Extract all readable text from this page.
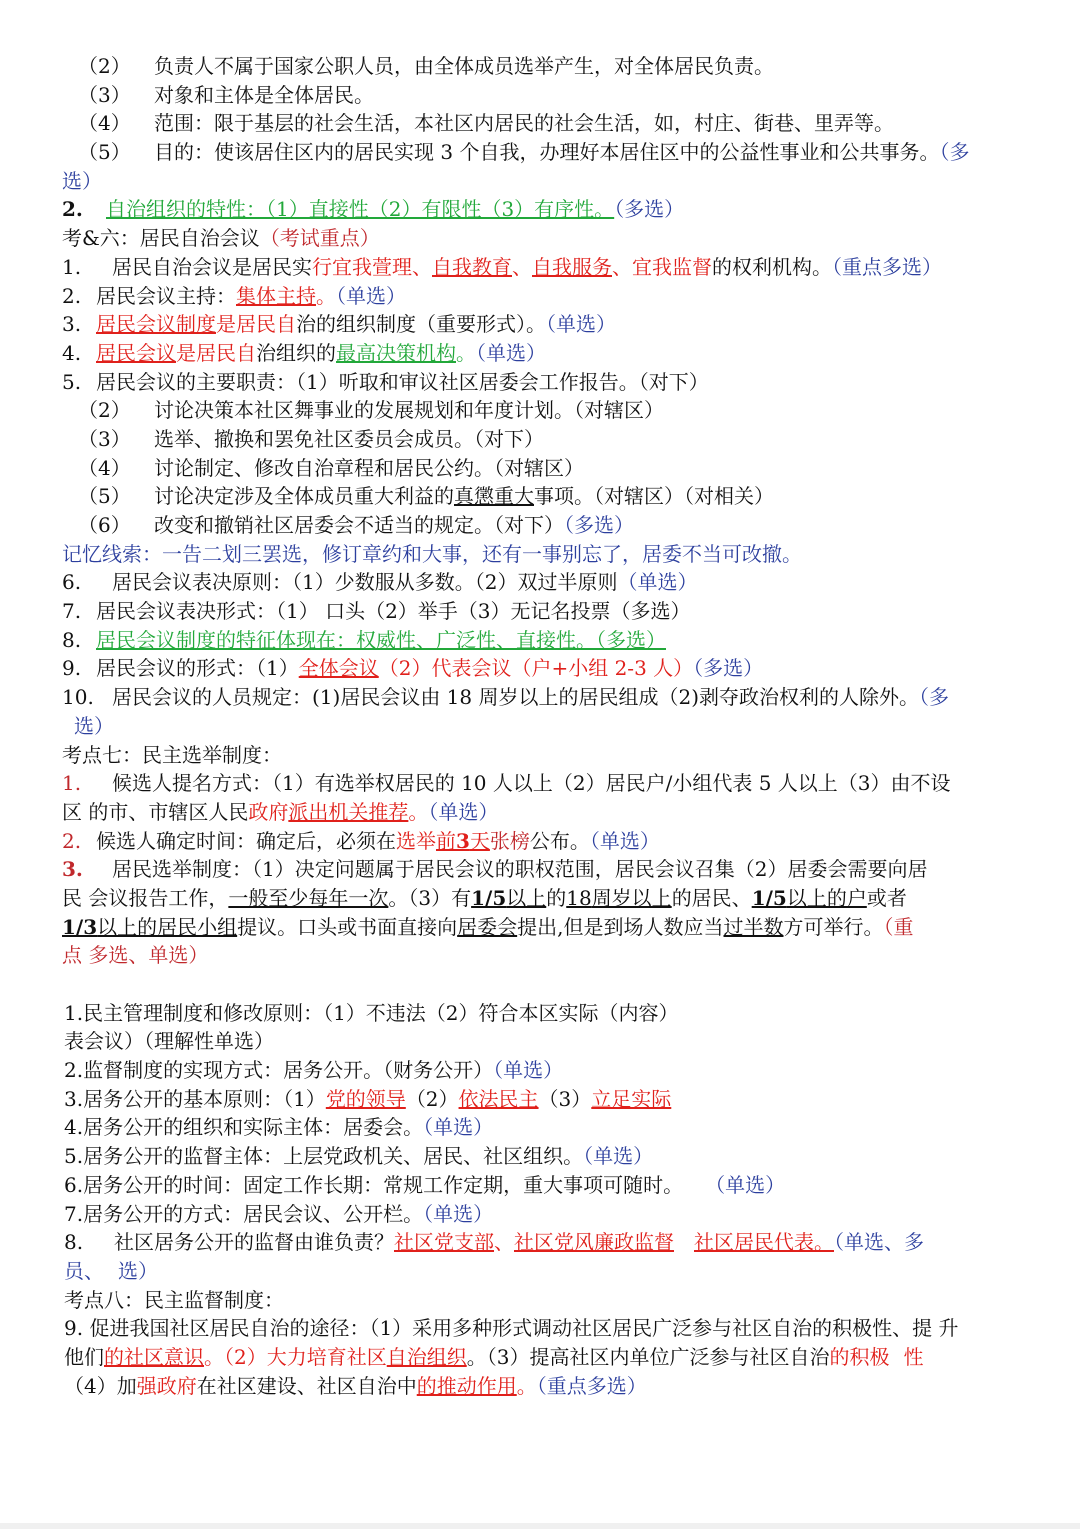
（2） 负责人不属于国家公职人员，由全体成员选举产生，对全体居民负责。
（3） 对象和主体是全体居民。
（4） 范围：限于基层的社会生活，本社区内居民的社会生活，如，村庄、街巷、里弄等。
（5） 目的：使该居住区内的居民实现 3 个自我，办理好本居住区中的公益性事业和公共事务。（多
选）
2. 自治组织的特性：（1）直接性（2）有限性（3）有序性。（多选）
考&六：居民自治会议（考试重点）
1. 居民自治会议是居民实行宜我萱理、自我教育、自我服务、宜我监督的权利机构。（重点多选）
2. 居民会议主持：集体主持。（单选）
3. 居民会议制度是居民自治的组织制度（重要形式）。（单选）
4. 居民会议是居民自治组织的最高决策机构。（单选）
5. 居民会议的主要职责：（1）听取和审议社区居委会工作报告。（对下）
（2） 讨论决策本社区舞事业的发展规划和年度计划。（对辖区）
（3） 选举、撤换和罢免社区委员会成员。（对下）
（4） 讨论制定、修改自治章程和居民公约。（对辖区）
（5） 讨论决定涉及全体成员重大利益的真懲重大事项。（对辖区）（对相关）
（6） 改变和撤销社区居委会不适当的规定。（对下）（多选）
记忆线索：一告二划三罢选，修订章约和大事，还有一事别忘了，居委不当可改撤。
6. 居民会议表决原则：（1）少数服从多数。（2）双过半原则（单选）
7. 居民会议表决形式：（1） 口头（2）举手（3）无记名投票（多选）
8. 居民会议制度的特征体现在：权威性、广泛性、直接性。（多选）
9. 居民会议的形式：（1）全体会议（2）代表会议（户+小组 2-3 人）（多选）
10. 居民会议的人员规定：(1)居民会议由 18 周岁以上的居民组成（2)剥夺政治权利的人除外。（多
选）
考点七：民主选举制度：
1. 候选人提名方式：（1）有选举权居民的 10 人以上（2）居民户/小组代表 5 人以上（3）由不设
区 的市、市辖区人民政府派出机关推荐。（单选）
2. 候选人确定时间：确定后，必须在选举前3天张榜公布。（单选）
3. 居民选举制度：（1）决定问题属于居民会议的职权范围，居民会议召集（2）居委会需要向居
民 会议报告工作，一般至少每年一次。（3）有1/5以上的18周岁以上的居民、1/5以上的户或者
1/3以上的居民小组提议。口头或书面直接向居委会提出,但是到场人数应当过半数方可举行。（重
点 多选、单选）
1.民主管理制度和修改原则：（1）不违法（2）符合本区实际（内容）
表会议）（理解性单选）
2.监督制度的实现方式：居务公开。（财务公开）（单选）
3.居务公开的基本原则：（1）党的领导（2）依法民主（3）立足实际
4.居务公开的组织和实际主体：居委会。（单选）
5.居务公开的监督主体：上层党政机关、居民、社区组织。（单选）
6.居务公开的时间：固定工作长期：常规工作定期，重大事项可随时。 （单选）
7.居务公开的方式：居民会议、公开栏。（单选）
8. 社区居务公开的监督由谁负责？社区党支部、社区党风廉政监督 社区居民代表。（单选、多
员、 选）
考点八：民主监督制度：
9. 促进我国社区居民自治的途径：（1）采用多种形式调动社区居民广泛参与社区自治的积极性、提 升
他们的社区意识。（2）大力培育社区自治组织。（3）提高社区内单位广泛参与社区自治的积极 性
（4）加强政府在社区建设、社区自治中的推动作用。（重点多选）
